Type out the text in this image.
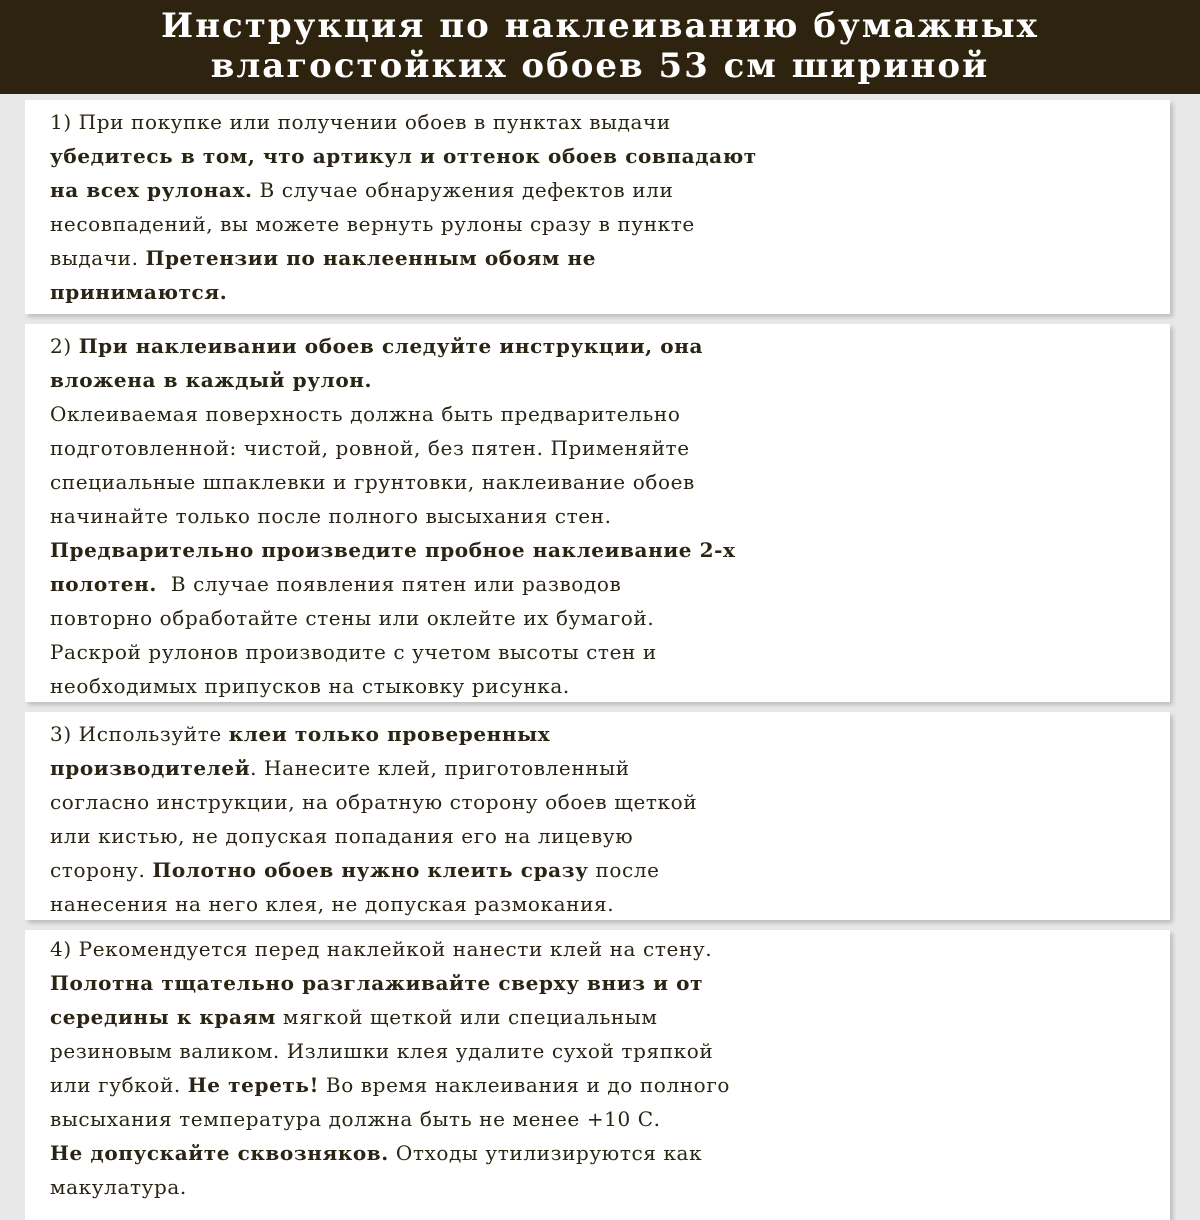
Инструкция по наклеиванию бумажных
влагостойких обоев 53 см шириной

1) При покупке или получении обоев в пунктах выдачи

убедитесь в том, что артикул и оттенок обоев совпадают

на всех рулонах. В случае обнаружения дефектов или

несовпадений, вы можете вернуть рулоны сразу в пункте

выдачи. Претензии по наклеенным обоям не

принимаются.

2) При наклеивании обоев следуйте инструкции, она

вложена в каждый рулон.

Оклеиваемая поверхность должна быть предварительно

подготовленной: чистой, ровной, без пятен. Применяйте

специальные шпаклевки и грунтовки, наклеивание обоев

начинайте только после полного высыхания стен.

Предварительно произведите пробное наклеивание 2-х

полотен.  В случае появления пятен или разводов

повторно обработайте стены или оклейте их бумагой.

Раскрой рулонов производите с учетом высоты стен и

необходимых припусков на стыковку рисунка.

3) Используйте клеи только проверенных

производителей. Нанесите клей, приготовленный

согласно инструкции, на обратную сторону обоев щеткой

или кистью, не допуская попадания его на лицевую

сторону. Полотно обоев нужно клеить сразу после

нанесения на него клея, не допуская размокания.

4) Рекомендуется перед наклейкой нанести клей на стену.

Полотна тщательно разглаживайте сверху вниз и от

середины к краям мягкой щеткой или специальным

резиновым валиком. Излишки клея удалите сухой тряпкой

или губкой. Не тереть! Во время наклеивания и до полного

высыхания температура должна быть не менее +10 С.

Не допускайте сквозняков. Отходы утилизируются как

макулатура.
